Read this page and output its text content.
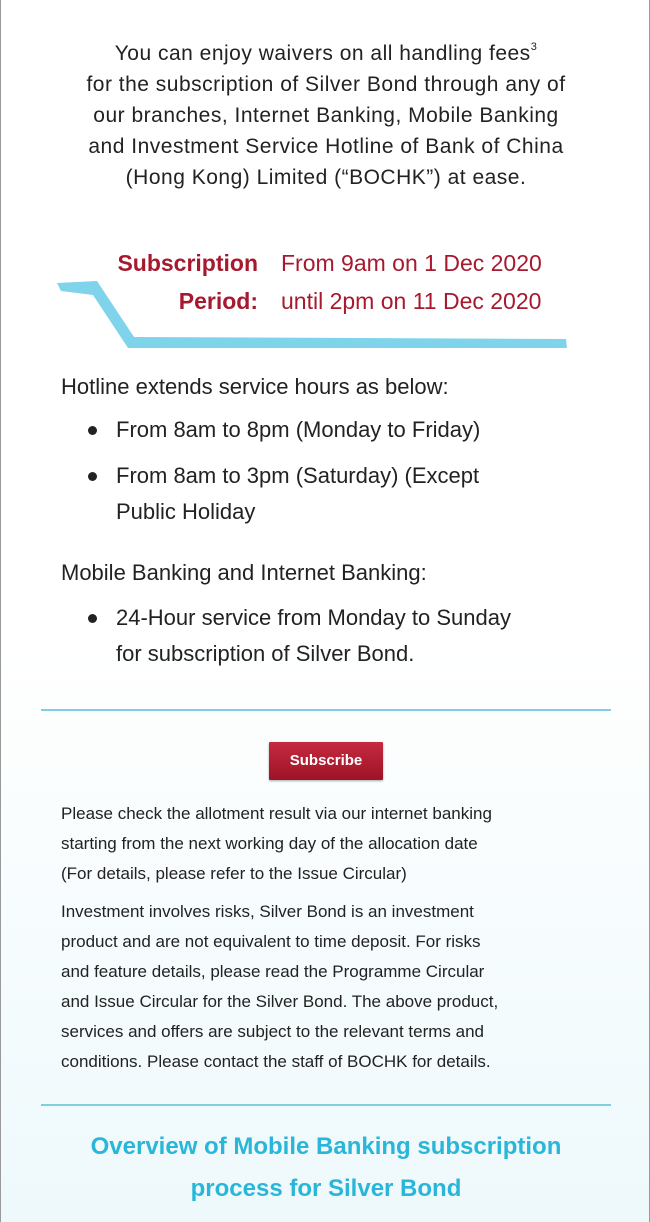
You can enjoy waivers on all handling fees$^3$
for the subscription of Silver Bond through any of
our branches, Internet Banking, Mobile Banking
and Investment Service Hotline of Bank of China
(Hong Kong) Limited (“BOCHK”) at ease.
Subscription
Period:
From 9am on 1 Dec 2020
until 2pm on 11 Dec 2020
Hotline extends service hours as below:
From 8am to 8pm (Monday to Friday)
From 8am to 3pm (Saturday) (Except
Public Holiday
Mobile Banking and Internet Banking:
24-Hour service from Monday to Sunday
for subscription of Silver Bond.
Subscribe
Please check the allotment result via our internet banking
starting from the next working day of the allocation date
(For details, please refer to the Issue Circular)
Investment involves risks, Silver Bond is an investment
product and are not equivalent to time deposit. For risks
and feature details, please read the Programme Circular
and Issue Circular for the Silver Bond. The above product,
services and offers are subject to the relevant terms and
conditions. Please contact the staff of BOCHK for details.
Overview of Mobile Banking subscription
process for Silver Bond
